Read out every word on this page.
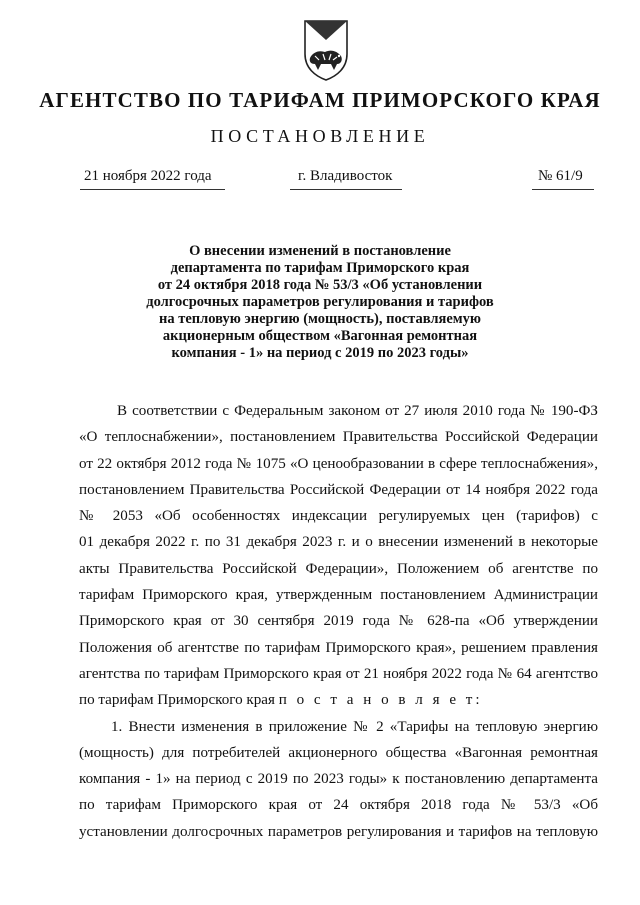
АГЕНТСТВО ПО ТАРИФАМ ПРИМОРСКОГО КРАЯ
ПОСТАНОВЛЕНИЕ
21 ноября 2022 года	г. Владивосток	№ 61/9
О внесении изменений в постановление
департамента по тарифам Приморского края
от 24 октября 2018 года № 53/3 «Об установлении
долгосрочных параметров регулирования и тарифов
на тепловую энергию (мощность), поставляемую
акционерным обществом «Вагонная ремонтная
компания - 1» на период с 2019 по 2023 годы»
В соответствии с Федеральным законом от 27 июля 2010 года № 190-ФЗ
«О теплоснабжении», постановлением Правительства Российской Федерации
от 22 октября 2012 года № 1075 «О ценообразовании в сфере теплоснабжения»,
постановлением Правительства Российской Федерации от 14 ноября 2022 года
№ 2053 «Об особенностях индексации регулируемых цен (тарифов) с
01 декабря 2022 г. по 31 декабря 2023 г. и о внесении изменений в некоторые
акты Правительства Российской Федерации», Положением об агентстве по
тарифам Приморского края, утвержденным постановлением Администрации
Приморского края от 30 сентября 2019 года № 628-па «Об утверждении
Положения об агентстве по тарифам Приморского края», решением правления
агентства по тарифам Приморского края от 21 ноября 2022 года № 64 агентство
по тарифам Приморского края п о с т а н о в л я е т:
1. Внести изменения в приложение № 2 «Тарифы на тепловую энергию
(мощность) для потребителей акционерного общества «Вагонная ремонтная
компания - 1» на период с 2019 по 2023 годы» к постановлению департамента
по тарифам Приморского края от 24 октября 2018 года № 53/3 «Об
установлении долгосрочных параметров регулирования и тарифов на тепловую
